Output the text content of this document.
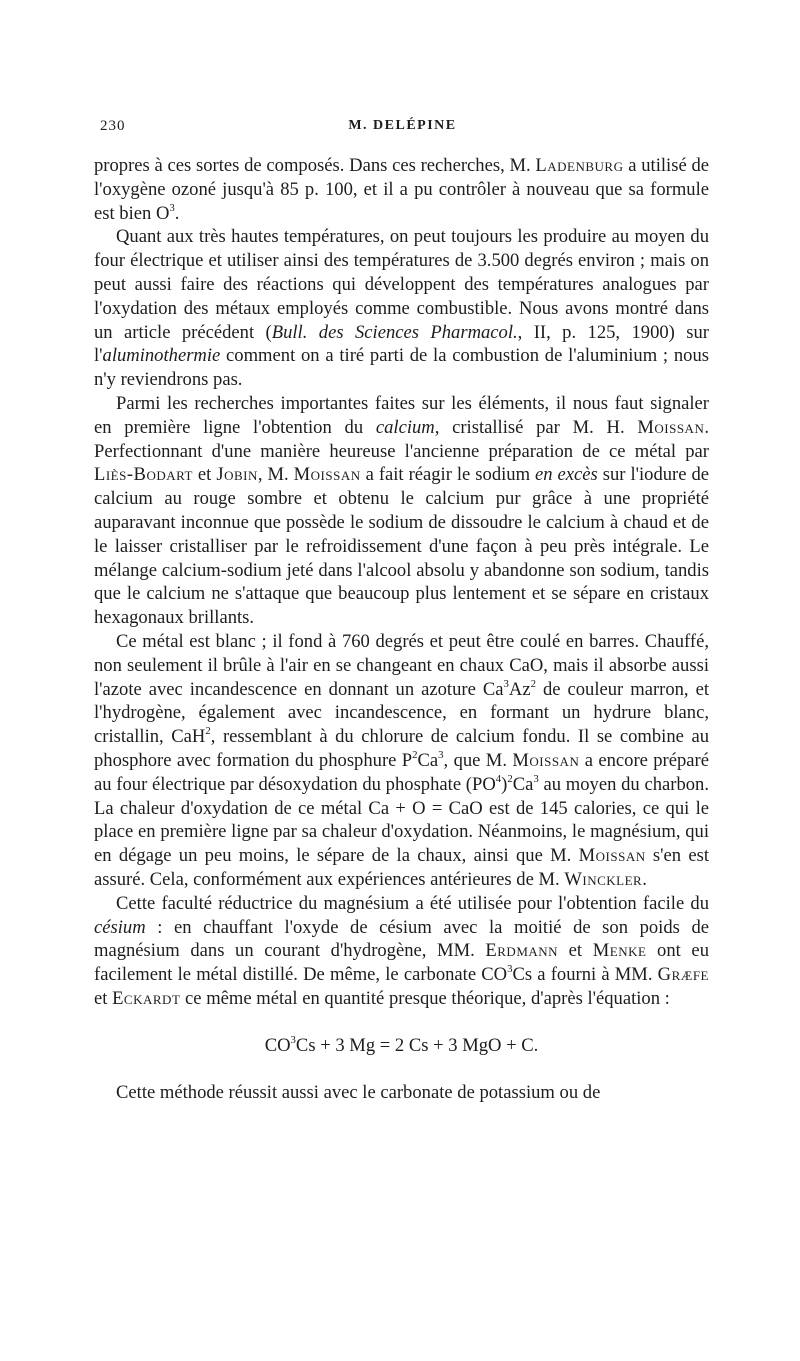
230	M. DELÉPINE

propres à ces sortes de composés. Dans ces recherches, M. Ladenburg a utilisé de l'oxygène ozoné jusqu'à 85 p. 100, et il a pu contrôler à nouveau que sa formule est bien $O^3$.

Quant aux très hautes températures, on peut toujours les produire au moyen du four électrique et utiliser ainsi des températures de 3.500 degrés environ ; mais on peut aussi faire des réactions qui développent des températures analogues par l'oxydation des métaux employés comme combustible. Nous avons montré dans un article précédent (Bull. des Sciences Pharmacol., II, p. 125, 1900) sur l'aluminothermie comment on a tiré parti de la combustion de l'aluminium ; nous n'y reviendrons pas.

Parmi les recherches importantes faites sur les éléments, il nous faut signaler en première ligne l'obtention du calcium, cristallisé par M. H. Moissan. Perfectionnant d'une manière heureuse l'ancienne préparation de ce métal par Liès-Bodart et Jobin, M. Moissan a fait réagir le sodium en excès sur l'iodure de calcium au rouge sombre et obtenu le calcium pur grâce à une propriété auparavant inconnue que possède le sodium de dissoudre le calcium à chaud et de le laisser cristalliser par le refroidissement d'une façon à peu près intégrale. Le mélange calcium-sodium jeté dans l'alcool absolu y abandonne son sodium, tandis que le calcium ne s'attaque que beaucoup plus lentement et se sépare en cristaux hexagonaux brillants.

Ce métal est blanc ; il fond à 760 degrés et peut être coulé en barres. Chauffé, non seulement il brûle à l'air en se changeant en chaux CaO, mais il absorbe aussi l'azote avec incandescence en donnant un azoture Ca$^3$Az$^2$ de couleur marron, et l'hydrogène, également avec incandescence, en formant un hydrure blanc, cristallin, CaH$^2$, ressemblant à du chlorure de calcium fondu. Il se combine au phosphore avec formation du phosphure $P^2Ca^3$, que M. Moissan a encore préparé au four électrique par désoxydation du phosphate $(PO^4)^2Ca^3$ au moyen du charbon. La chaleur d'oxydation de ce métal Ca + O = CaO est de 145 calories, ce qui le place en première ligne par sa chaleur d'oxydation. Néanmoins, le magnésium, qui en dégage un peu moins, le sépare de la chaux, ainsi que M. Moissan s'en est assuré. Cela, conformément aux expériences antérieures de M. Winckler.

Cette faculté réductrice du magnésium a été utilisée pour l'obtention facile du césium : en chauffant l'oxyde de césium avec la moitié de son poids de magnésium dans un courant d'hydrogène, MM. Erdmann et Menke ont eu facilement le métal distillé. De même, le carbonate $CO^3Cs$ a fourni à MM. Græfe et Eckardt ce même métal en quantité presque théorique, d'après l'équation :

$CO^3Cs + 3$ Mg = 2 Cs + 3 MgO + C.

Cette méthode réussit aussi avec le carbonate de potassium ou de
